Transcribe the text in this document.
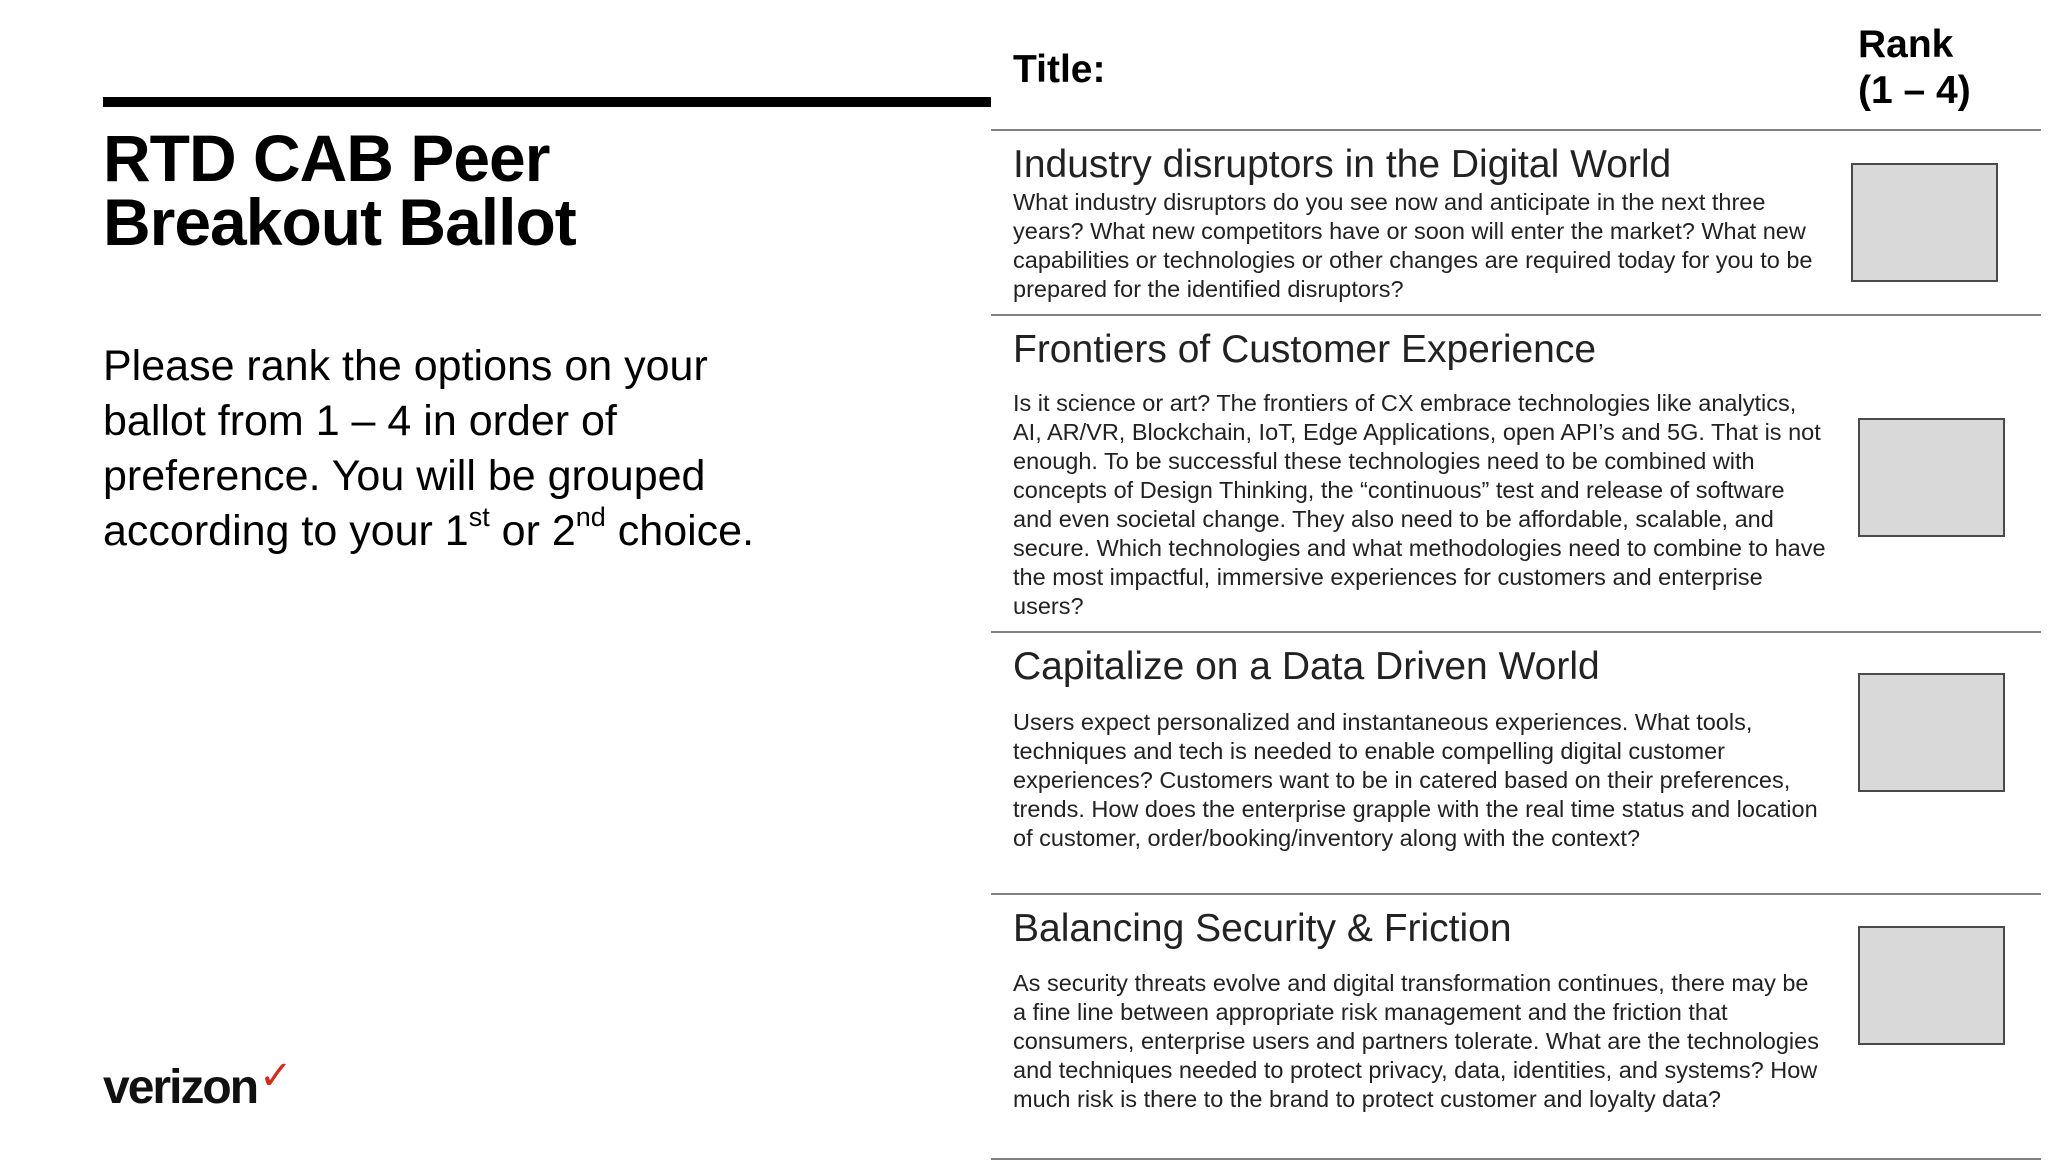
RTD CAB Peer
Breakout Ballot
Please rank the options on your
ballot from 1 – 4 in order of
preference. You will be grouped
according to your 1st or 2nd choice.
verizon✓
Title:
Rank
(1 – 4)
Industry disruptors in the Digital World

What industry disruptors do you see now and anticipate in the next three years? What new competitors have or soon will enter the market? What new capabilities or technologies or other changes are required today for you to be prepared for the identified disruptors?

Frontiers of Customer Experience

Is it science or art? The frontiers of CX embrace technologies like analytics, AI, AR/VR, Blockchain, IoT, Edge Applications, open API’s and 5G. That is not enough. To be successful these technologies need to be combined with concepts of Design Thinking, the “continuous” test and release of software and even societal change. They also need to be affordable, scalable, and secure. Which technologies and what methodologies need to combine to have the most impactful, immersive experiences for customers and enterprise users?

Capitalize on a Data Driven World

Users expect personalized and instantaneous experiences. What tools, techniques and tech is needed to enable compelling digital customer experiences? Customers want to be in catered based on their preferences, trends. How does the enterprise grapple with the real time status and location of customer, order/booking/inventory along with the context?

Balancing Security & Friction

As security threats evolve and digital transformation continues, there may be a fine line between appropriate risk management and the friction that consumers, enterprise users and partners tolerate. What are the technologies and techniques needed to protect privacy, data, identities, and systems? How much risk is there to the brand to protect customer and loyalty data?
